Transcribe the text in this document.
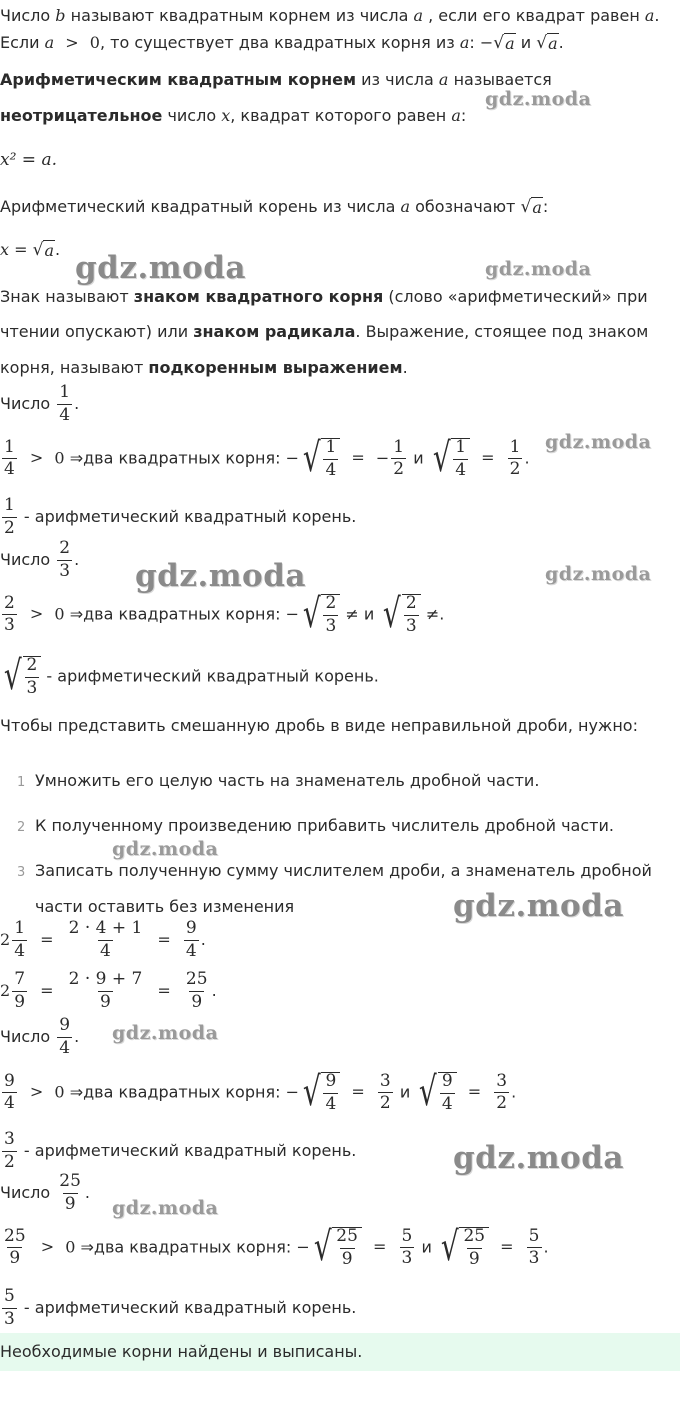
Число b называют квадратным корнем из числа a , если его квадрат равен a.
Если a > 0, то существует два квадратных корня из a: − √ a и √ a .
Арифметическим квадратным корнем из числа a называется
неотрицательное число x, квадрат которого равен a:
x² = a.
Арифметический квадратный корень из числа a обозначают √ a :
x = √ a .
Знак называют знаком квадратного корня (слово «арифметический» при
чтении опускают) или знаком радикала. Выражение, стоящее под знаком
корня, называют подкоренным выражением.
Число $\frac{1}{4}$ .
$\frac{1}{4} > 0$ ⇒два квадратных корня: − √ $\frac{1}{4}$ = − $\frac{1}{2}$ и √ $\frac{1}{4} = \frac{1}{2}$ .
$\frac{1}{2}$ - арифметический квадратный корень.
Число $\frac{2}{3}$ .
$\frac{2}{3} > 0$ ⇒два квадратных корня: − √ $\frac{2}{3} \ne и$ √ $\frac{2}{3}$ ≠.
√ $\frac{2}{3}$ - арифметический квадратный корень.
Чтобы представить смешанную дробь в виде неправильной дроби, нужно:
1 Умножить его целую часть на знаменатель дробной части.
2 К полученному произведению прибавить числитель дробной части.
3 Записать полученную сумму числителем дроби, а знаменатель дробной
части оставить без изменения
$2 \frac{1}{4} = \frac{2 \cdot 4 + 1}{4} = \frac{9}{4}$ .
$2 \frac{7}{9} = \frac{2 \cdot 9 + 7}{9} = \frac{25}{9}$ .
Число $\frac{9}{4}$ .
$\frac{9}{4} > 0$ ⇒два квадратных корня: − √ $\frac{9}{4} = \frac{3}{2}$ и √ $\frac{9}{4} = \frac{3}{2}$ .
$\frac{3}{2}$ - арифметический квадратный корень.
Число $\frac{25}{9}$ .
$\frac{25}{9} > 0$ ⇒два квадратных корня: − √ $\frac{25}{9} = \frac{5}{3}$ и √ $\frac{25}{9} = \frac{5}{3}$ .
$\frac{5}{3}$ - арифметический квадратный корень.
Необходимые корни найдены и выписаны.
gdz.moda
gdz.moda	gdz.moda
gdz.moda
gdz.moda	gdz.moda
gdz.moda
gdz.moda
gdz.moda
gdz.moda
gdz.moda
